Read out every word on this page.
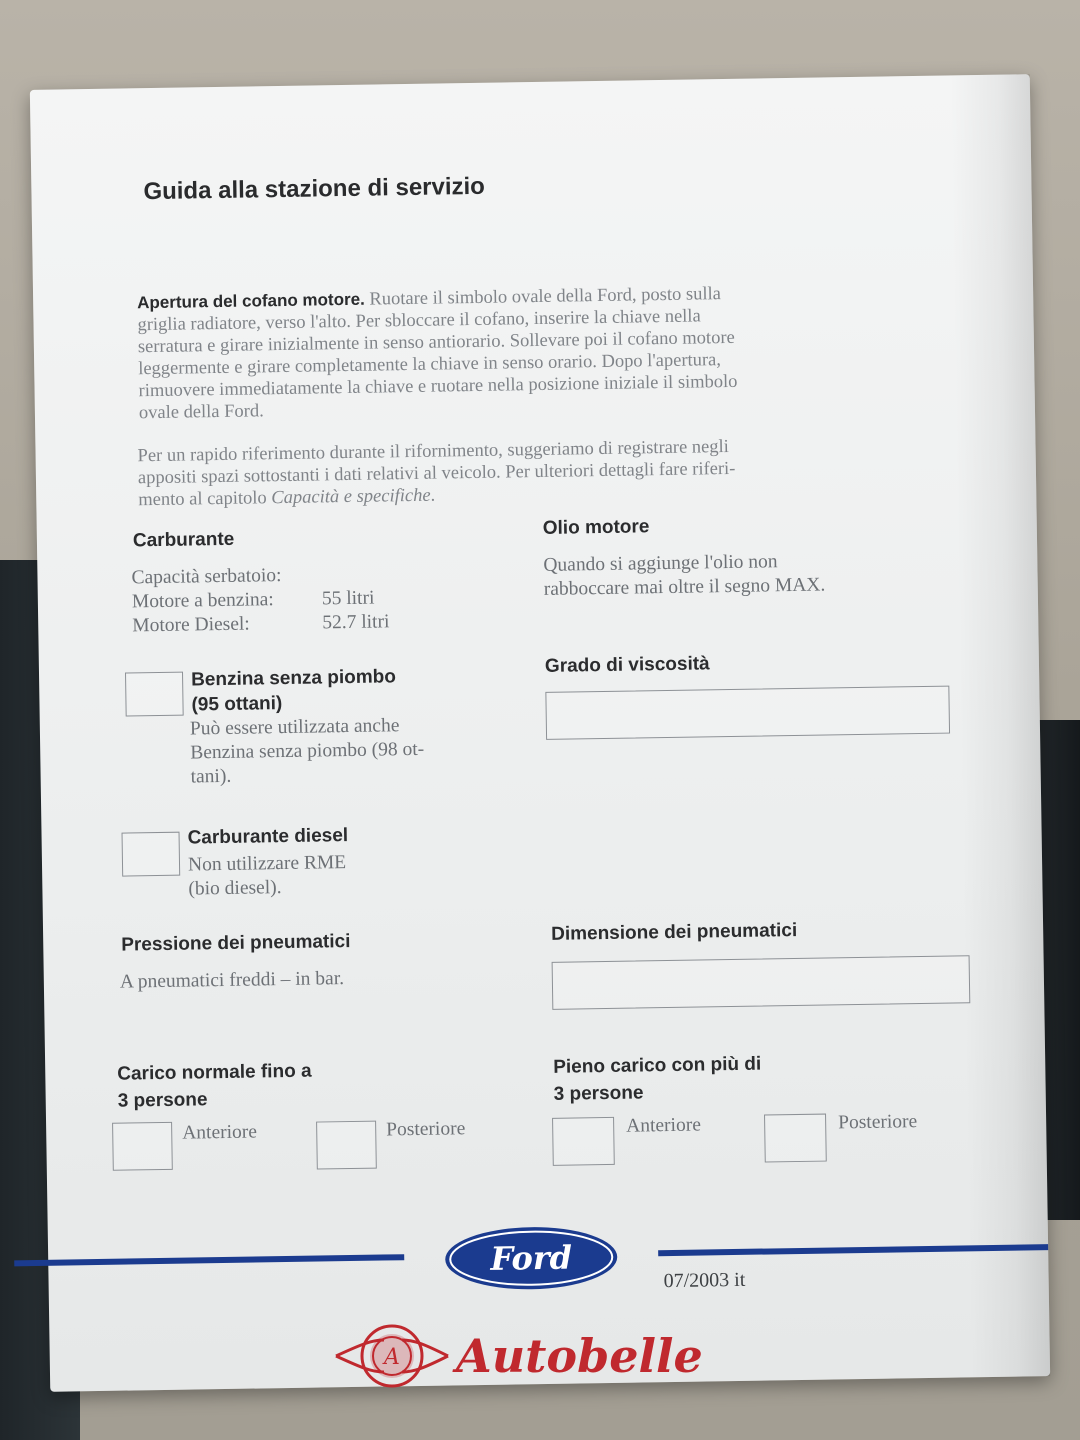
Guida alla stazione di servizio
Apertura del cofano motore. Ruotare il simbolo ovale della Ford, posto sulla
griglia radiatore, verso l'alto. Per sbloccare il cofano, inserire la chiave nella
serratura e girare inizialmente in senso antiorario. Sollevare poi il cofano motore
leggermente e girare completamente la chiave in senso orario. Dopo l'apertura,
rimuovere immediatamente la chiave e ruotare nella posizione iniziale il simbolo
ovale della Ford.
Per un rapido riferimento durante il rifornimento, suggeriamo di registrare negli
appositi spazi sottostanti i dati relativi al veicolo. Per ulteriori dettagli fare riferi-
mento al capitolo Capacità e specifiche.
Carburante
Capacità serbatoio:
Motore a benzina: 55 litri
Motore Diesel:	52.7 litri
Benzina senza piombo
(95 ottani)
Può essere utilizzata anche
Benzina senza piombo (98 ot-
tani).
Carburante diesel
Non utilizzare RME
(bio diesel).
Olio motore
Quando si aggiunge l'olio non
rabboccare mai oltre il segno MAX.
Grado di viscosità
Pressione dei pneumatici
A pneumatici freddi – in bar.
Dimensione dei pneumatici
Carico normale fino a
3 persone
Pieno carico con più di
3 persone
Anteriore	Posteriore	Anteriore	Posteriore
Ford
07/2003 it
A Autobelle
